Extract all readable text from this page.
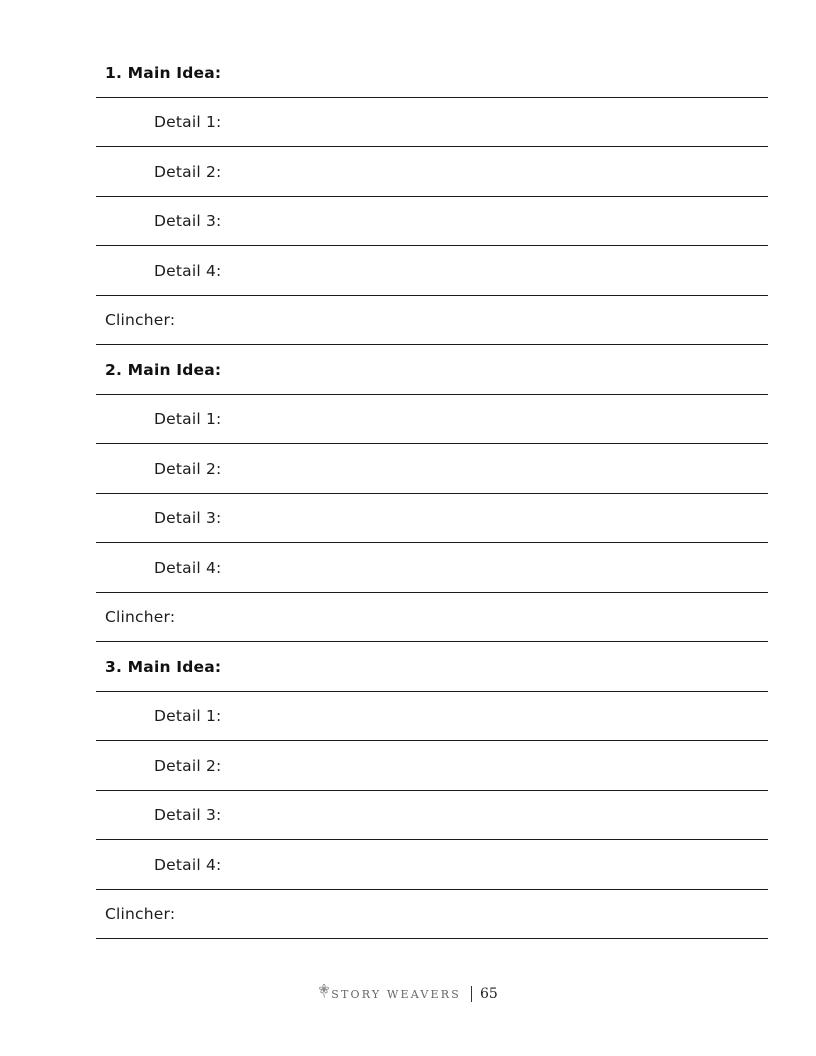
1. Main Idea:
Detail 1:
Detail 2:
Detail 3:
Detail 4:
Clincher:
2. Main Idea:
Detail 1:
Detail 2:
Detail 3:
Detail 4:
Clincher:
3. Main Idea:
Detail 1:
Detail 2:
Detail 3:
Detail 4:
Clincher:
STORY WEAVERS 65
